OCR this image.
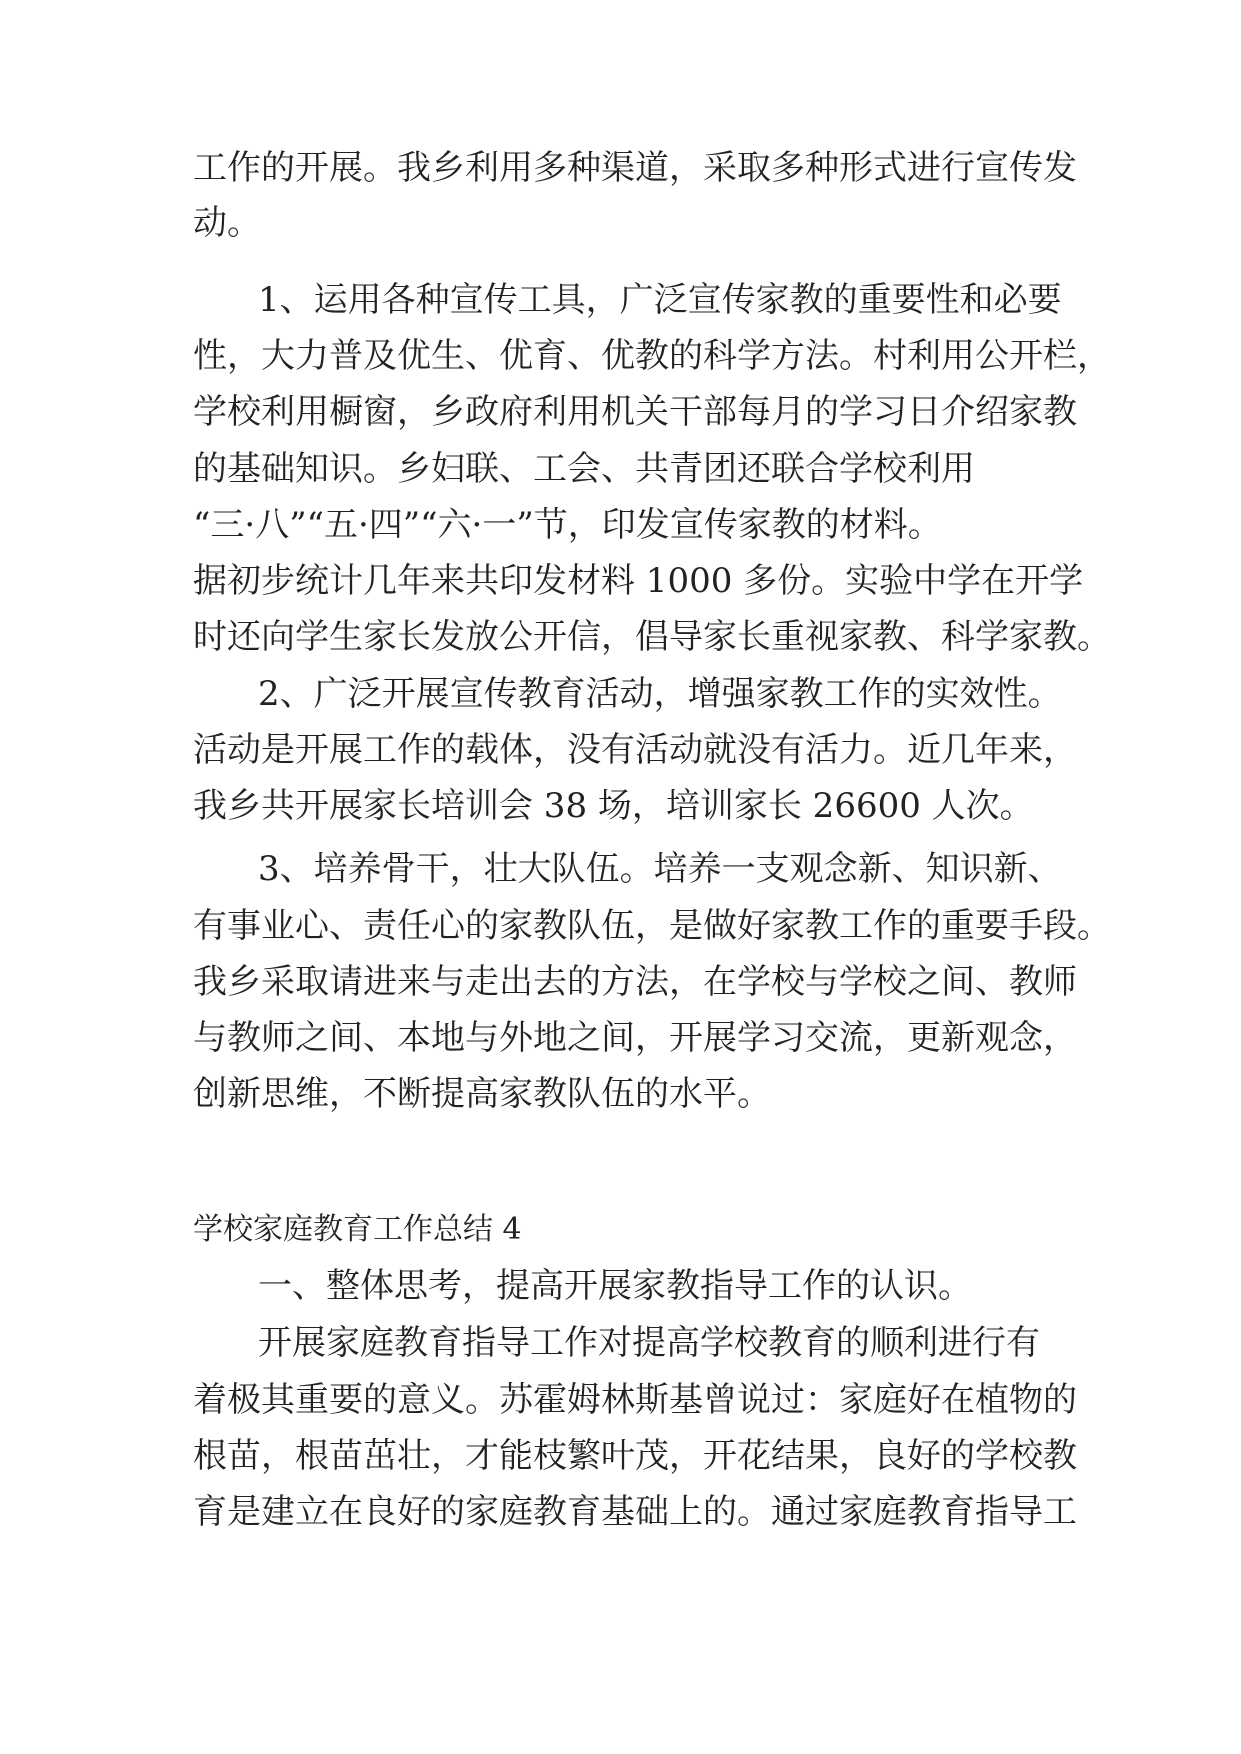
工作的开展。我乡利用多种渠道，采取多种形式进行宣传发
动。
1、运用各种宣传工具，广泛宣传家教的重要性和必要
性，大力普及优生、优育、优教的科学方法。村利用公开栏，
学校利用橱窗，乡政府利用机关干部每月的学习日介绍家教
的基础知识。乡妇联、工会、共青团还联合学校利用
“三·八”“五·四”“六·一”节，印发宣传家教的材料。
据初步统计几年来共印发材料 1000 多份。实验中学在开学
时还向学生家长发放公开信，倡导家长重视家教、科学家教。
2、广泛开展宣传教育活动，增强家教工作的实效性。
活动是开展工作的载体，没有活动就没有活力。近几年来，
我乡共开展家长培训会 38 场，培训家长 26600 人次。
3、培养骨干，壮大队伍。培养一支观念新、知识新、
有事业心、责任心的家教队伍，是做好家教工作的重要手段。
我乡采取请进来与走出去的方法，在学校与学校之间、教师
与教师之间、本地与外地之间，开展学习交流，更新观念，
创新思维，不断提高家教队伍的水平。
学校家庭教育工作总结 4
一、整体思考，提高开展家教指导工作的认识。
开展家庭教育指导工作对提高学校教育的顺利进行有
着极其重要的意义。苏霍姆林斯基曾说过：家庭好在植物的
根苗，根苗茁壮，才能枝繁叶茂，开花结果，良好的学校教
育是建立在良好的家庭教育基础上的。通过家庭教育指导工
